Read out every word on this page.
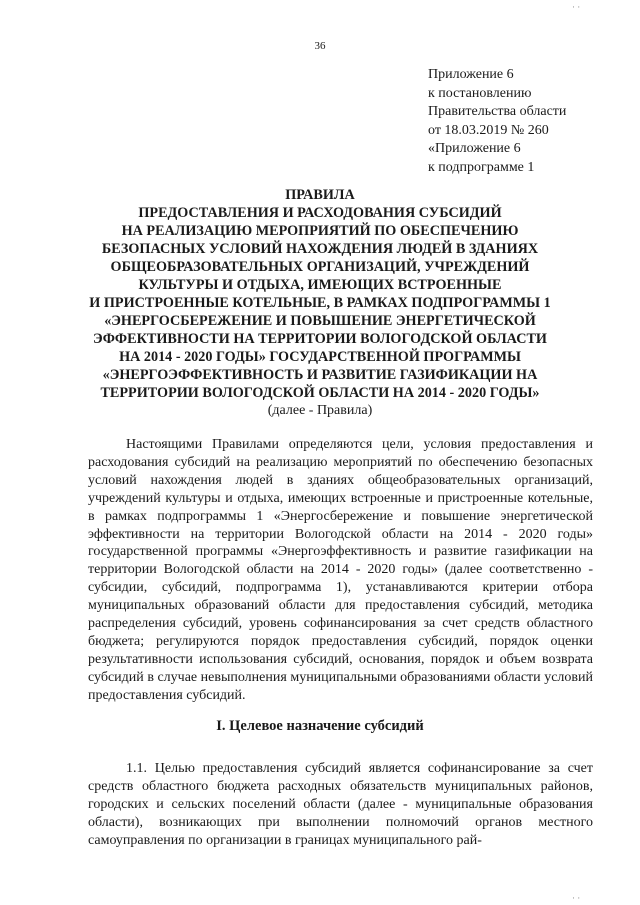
36
Приложение 6
к постановлению
Правительства области
от 18.03.2019 № 260
«Приложение 6
к подпрограмме 1
ПРАВИЛА
ПРЕДОСТАВЛЕНИЯ И РАСХОДОВАНИЯ СУБСИДИЙ
НА РЕАЛИЗАЦИЮ МЕРОПРИЯТИЙ ПО ОБЕСПЕЧЕНИЮ
БЕЗОПАСНЫХ УСЛОВИЙ НАХОЖДЕНИЯ ЛЮДЕЙ В ЗДАНИЯХ
ОБЩЕОБРАЗОВАТЕЛЬНЫХ ОРГАНИЗАЦИЙ, УЧРЕЖДЕНИЙ
КУЛЬТУРЫ И ОТДЫХА, ИМЕЮЩИХ ВСТРОЕННЫЕ
И ПРИСТРОЕННЫЕ КОТЕЛЬНЫЕ, В РАМКАХ ПОДПРОГРАММЫ 1
«ЭНЕРГОСБЕРЕЖЕНИЕ И ПОВЫШЕНИЕ ЭНЕРГЕТИЧЕСКОЙ
ЭФФЕКТИВНОСТИ НА ТЕРРИТОРИИ ВОЛОГОДСКОЙ ОБЛАСТИ
НА 2014 - 2020 ГОДЫ» ГОСУДАРСТВЕННОЙ ПРОГРАММЫ
«ЭНЕРГОЭФФЕКТИВНОСТЬ И РАЗВИТИЕ ГАЗИФИКАЦИИ НА
ТЕРРИТОРИИ ВОЛОГОДСКОЙ ОБЛАСТИ НА 2014 - 2020 ГОДЫ»
(далее - Правила)

Настоящими Правилами определяются цели, условия предоставления и расходования субсидий на реализацию мероприятий по обеспечению безопасных условий нахождения людей в зданиях общеобразовательных организаций, учреждений культуры и отдыха, имеющих встроенные и пристроенные котельные, в рамках подпрограммы 1 «Энергосбережение и повышение энергетической эффективности на территории Вологодской области на 2014 - 2020 годы» государственной программы «Энергоэффективность и развитие газификации на территории Вологодской области на 2014 - 2020 годы» (далее соответственно - субсидии, субсидий, подпрограмма 1), устанавливаются критерии отбора муниципальных образований области для предоставления субсидий, методика распределения субсидий, уровень софинансирования за счет средств областного бюджета; регулируются порядок предоставления субсидий, порядок оценки результативности использования субсидий, основания, порядок и объем возврата субсидий в случае невыполнения муниципальными образованиями области условий предоставления субсидий.

I. Целевое назначение субсидий

1.1. Целью предоставления субсидий является софинансирование за счет средств областного бюджета расходных обязательств муниципальных районов, городских и сельских поселений области (далее - муниципальные образования области), возникающих при выполнении полномочий органов местного самоуправления по организации в границах муниципального рай-

· ·
· ·
